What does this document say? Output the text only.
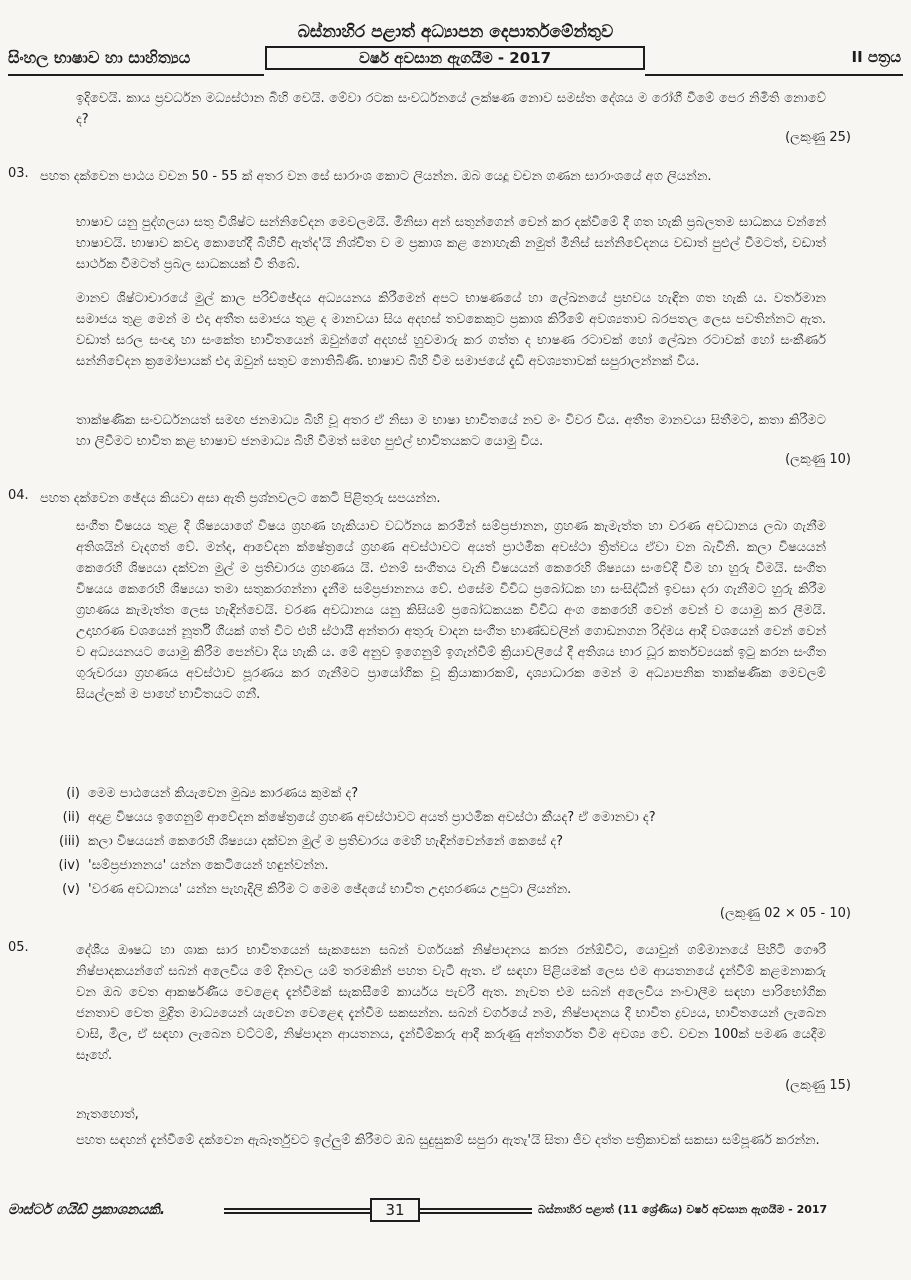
බස්නාහිර පළාත් අධ්‍යාපන දෙපාර්තමේන්තුව
සිංහල භාෂාව හා සාහිත්‍යය	වර්ෂ අවසාන ඇගයීම - 2017	II පත්‍රය
ඉදිවෙයි. කාය ප්‍රවර්ධන මධ්‍යස්ථාන බිහි වෙයි. මේවා රටක සංවර්ධනයේ ලක්ෂණ නොව සමස්ත දේශය ම රෝගී වීමේ පෙර නිමිති නොවේ ද?
(ලකුණු 25)
03. පහත දක්වෙන පාඨය වචන 50 - 55 ක් අතර වන සේ සාරාංශ කොට ලියන්න. ඔබ යෙදූ වචන ගණන සාරාංශයේ අග ලියන්න.
භාෂාව යනු පුද්ගලයා සතු විශිෂ්ට සන්නිවේදන මෙවලමයි. මිනිසා අන් සතුන්ගෙන් වෙන් කර දක්විමේ දී ගත හැකි ප්‍රබලතම සාධකය වන්නේ භාෂාවයි. භාෂාව කවදා කොහේදී බිහිවී ඇත්ද'යි නිශ්චිත ව ම ප්‍රකාශ කළ නොහැකි නමුත් මිනිස් සන්නිවේදනය වඩාත් පුළුල් වීමටත්, වඩාත් සාර්ථක වීමටත් ප්‍රබල සාධකයක් වී තිබේ.
මානව ශිෂ්ටාචාරයේ මුල් කාල පරිච්ඡේදය අධ්‍යයනය කිරීමෙන් අපට භාෂණයේ හා ලේඛනයේ ප්‍රභවය හැඳින ගත හැකි ය. වර්තමාන සමාජය තුළ මෙන් ම එදා අතීත සමාජය තුළ ද මානවයා සිය අදහස් තවකෙකුට ප්‍රකාශ කිරීමේ අවශ්‍යතාව බරපතල ලෙස පවතින්නට ඇත. වඩාත් සරල සංඥා හා සංකේත භාවිතයෙන් ඔවුන්ගේ අදහස් හුවමාරු කර ගත්ත ද භාෂණ රටාවක් හෝ ලේඛන රටාවක් හෝ සංකීර්ණ සන්නිවේදන ක්‍රමෝපායක් එදා ඔවුන් සතුව නොතිබිණි. භාෂාව බිහි වීම සමාජයේ දැඩි අවශ්‍යතාවක් සපුරාලන්නක් විය.
තාක්ෂණික සංවර්ධනයත් සමඟ ජනමාධ්‍ය බිහි වූ අතර ඒ නිසා ම භාෂා භාවිතයේ නව මං විවර විය. අතීත මානවයා සිතීමට, කතා කිරීමට හා ලිවීමට භාවිත කළ භාෂාව ජනමාධ්‍ය බිහි වීමත් සමඟ පුළුල් භාවිතයකට යොමු විය.
(ලකුණු 10)
04. පහත දක්වෙන ඡේදය කියවා අසා ඇති ප්‍රශ්නවලට කෙටි පිළිතුරු සපයන්න.
සංගීත විෂයය තුළ දී ශිෂ්‍යයාගේ විෂය ග්‍රහණ හැකියාව වර්ධනය කරමින් සම්ප්‍රජානන, ග්‍රහණ කැමැත්ත හා වරණ අවධානය ලබා ගැනීම අතිශයින් වැදගත් වේ. මන්ද, ආවේදන ක්ෂේත්‍රයේ ග්‍රහණ අවස්ථාවට අයත් ප්‍රාථමික අවස්ථා ත්‍රිත්වය ඒවා වන බැවිනි. කලා විෂයයන් කෙරෙහි ශිෂ්‍යයා දක්වන මුල් ම ප්‍රතිචාරය ග්‍රහණය යි. එනම් සංගීතය වැනි විෂයයන් කෙරෙහි ශිෂ්‍යයා සංවේදී වීම හා හුරු වීමයි. සංගීත විෂයය කෙරෙහි ශිෂ්‍යයා තමා සතුකරගන්නා දැනීම සම්ප්‍රජානනය වේ. එසේම විවිධ ප්‍රබෝධක හා සංසිද්ධීන් ඉවසා දරා ගැනීමට හුරු කිරීම ග්‍රහණය කැමැත්ත ලෙස හැඳින්වෙයි. වරණ අවධානය යනු කිසියම් ප්‍රබෝධකයක විවිධ අංග කෙරෙහි වෙන් වෙන් ව යොමු කර ලීමයි. උදාහරණ වශයෙන් නූර්ති ගීයක් ගත් විට එහි ස්ථායී අන්තරා අතුරු වාදන සංගීත භාණ්ඩවලින් ගොඩනගන රිද්මය ආදී වශයෙන් වෙන් වෙන් ව අධ්‍යයනයට යොමු කිරීම පෙන්වා දිය හැකි ය. මේ අනුව ඉගෙනුම් ඉගැන්වීම් ක්‍රියාවලියේ දී අතිශය භාර ධූර කර්තව්‍යයක් ඉටු කරන සංගීත ගුරුවරයා ග්‍රහණය අවස්ථාව පූරණය කර ගැනීමට ප්‍රායෝගික වූ ක්‍රියාකාරකම්, දෘශ්‍යාධාරක මෙන් ම අධ්‍යාපනික තාක්ෂණික මෙවලම් සියල්ලක් ම පාහේ භාවිතයට ගනී.
(i) මෙම පාඨයෙන් කියැවෙන මුඛ්‍ය කාරණය කුමක් ද?
(ii) අදාළ විෂයය ඉගෙනුම් ආවේදන ක්ෂේත්‍රයේ ග්‍රහණ අවස්ථාවට අයත් ප්‍රාථමික අවස්ථා කීයද? ඒ මොනවා ද?
(iii) කලා විෂයයන් කෙරෙහි ශිෂ්‍යයා දක්වන මුල් ම ප්‍රතිචාරය මෙහි හැඳින්වෙන්නේ කෙසේ ද?
(iv) 'සම්ප්‍රජානනය' යන්න කෙටියෙන් හඳුන්වන්න.
(v) 'වරණ අවධානය' යන්න පැහැදිලි කිරීම ට මෙම ඡේදයේ භාවිත උදාහරණය උපුටා ලියන්න.
(ලකුණු 02 × 05 - 10)
05.	දේශීය ඖෂධ හා ශාක සාර භාවිතයෙන් සැකසෙන සබන් වර්ගයක් නිෂ්පාදනය කරන රන්ඕවිට, යොවුන් ගම්මානයේ පිහිටි ගෞරී නිෂ්පාදකයන්ගේ සබන් අලෙවිය මේ දිනවල යම් තරමකින් පහත වැටී ඇත. ඒ සඳහා පිළියමක් ලෙස එම ආයතනයේ දැන්වීම් කළමනාකරු වන ඔබ වෙත ආකර්ෂණීය වෙළෙඳ දැන්වීමක් සැකසීමේ කාර්යය පැවරී ඇත. නැවත එම සබන් අලෙවිය නංවාලීම සඳහා පාරිභෝගික ජනතාව වෙත මුද්‍රිත මාධ්‍යයෙන් යැවෙන වෙළෙඳ දැන්වීම සකසන්න. සබන් වර්ගයේ නම, නිෂ්පාදනය දී භාවිත ද්‍රව්‍යය, භාවිතයෙන් ලැබෙන වාසි, මිල, ඒ සඳහා ලැබෙන වට්ටම්, නිෂ්පාදන ආයතනය, දැන්වීම්කරු ආදී කරුණු අන්තර්ගත වීම අවශ්‍ය වේ. වචන 100ක් පමණ යෙදීම සෑහේ.
(ලකුණු 15)
නැතහොත්,
පහත සඳහන් දැන්වීමේ දක්වෙන ඇබෑර්තුවට ඉල්ලුම් කිරීමට ඔබ සුදුසුකම් සපුරා ඇතැ'යි සිතා ජීව දත්ත පත්‍රිකාවක් සකසා සම්පූර්ණ කරන්න.
මාස්ටර් ගයිඩ් ප්‍රකාශනයකි.	31	බස්නාහිර පළාත් (11 ශ්‍රේණිය) වර්ෂ අවසාන ඇගයීම - 2017
